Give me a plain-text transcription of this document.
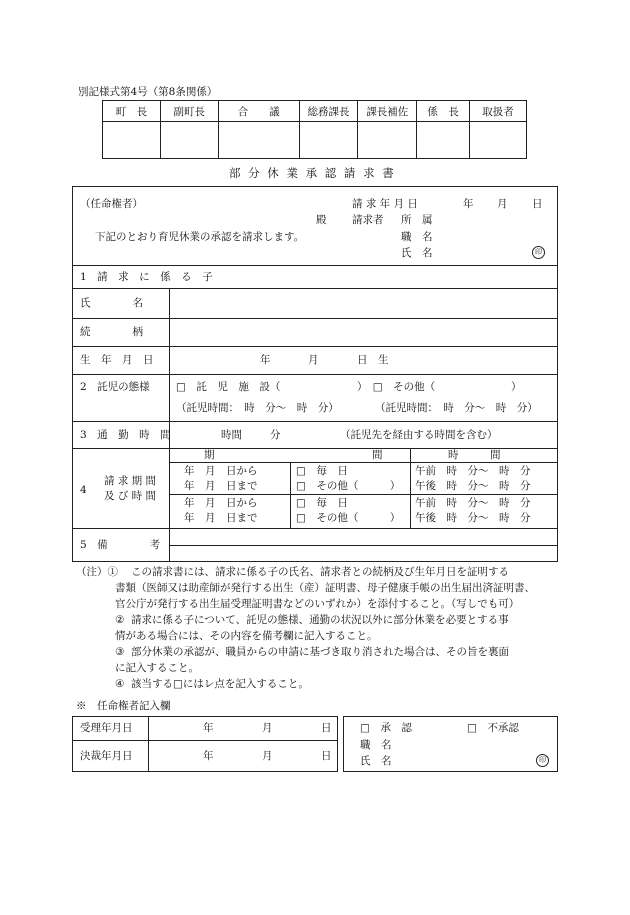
別記様式第4号（第8条関係）
町　長	副町長	合　　議	総務課長	課長補佐	係　長	取扱者

部 分 休 業 承 認 請 求 書
（任命権者）	請 求 年 月 日	年 月 日
殿 請求者 所　属
下記のとおり育児休業の承認を請求します。	職　名
氏　名	印
1　請　求　に　係　る　子
氏　　　　名
続　　　　柄
生　年　月　日	年	月	日　生
2　託児の態様	□　託　児　施　設（	）　□　その他（	）
（託児時間：　時　分～　時　分）	（託児時間：　時　分～　時　分）
3　通　勤　時　間	時間	分	（託児先を経由する時間を含む）
4
請 求 期 間
及 び 時 間
期　　　　　　　　　　　　　　　間	時　　　間
年　月　日から	□　毎　日	午前　時　分～　時　分
年　月　日まで	□　その他（　　　） 午後　時　分～　時　分
年　月　日から	□　毎　日	午前　時　分～　時　分
年　月　日まで	□　その他（　　　） 午後　時　分～　時　分
5　備　　　　考
（注）① この請求書には、請求に係る子の氏名、請求者との続柄及び生年月日を証明する
書類（医師又は助産師が発行する出生（産）証明書、母子健康手帳の出生届出済証明書、
官公庁が発行する出生届受理証明書などのいずれか）を添付すること。（写しでも可）
② 請求に係る子について、託児の態様、通勤の状況以外に部分休業を必要とする事
情がある場合には、その内容を備考欄に記入すること。
③ 部分休業の承認が、職員からの申請に基づき取り消された場合は、その旨を裏面
に記入すること。
④ 該当する□にはレ点を記入すること。
※　任命権者記入欄
受理年月日	年	月	日
決裁年月日	年	月	日
□　承　認	□　不承認
職　名
氏　名	印
